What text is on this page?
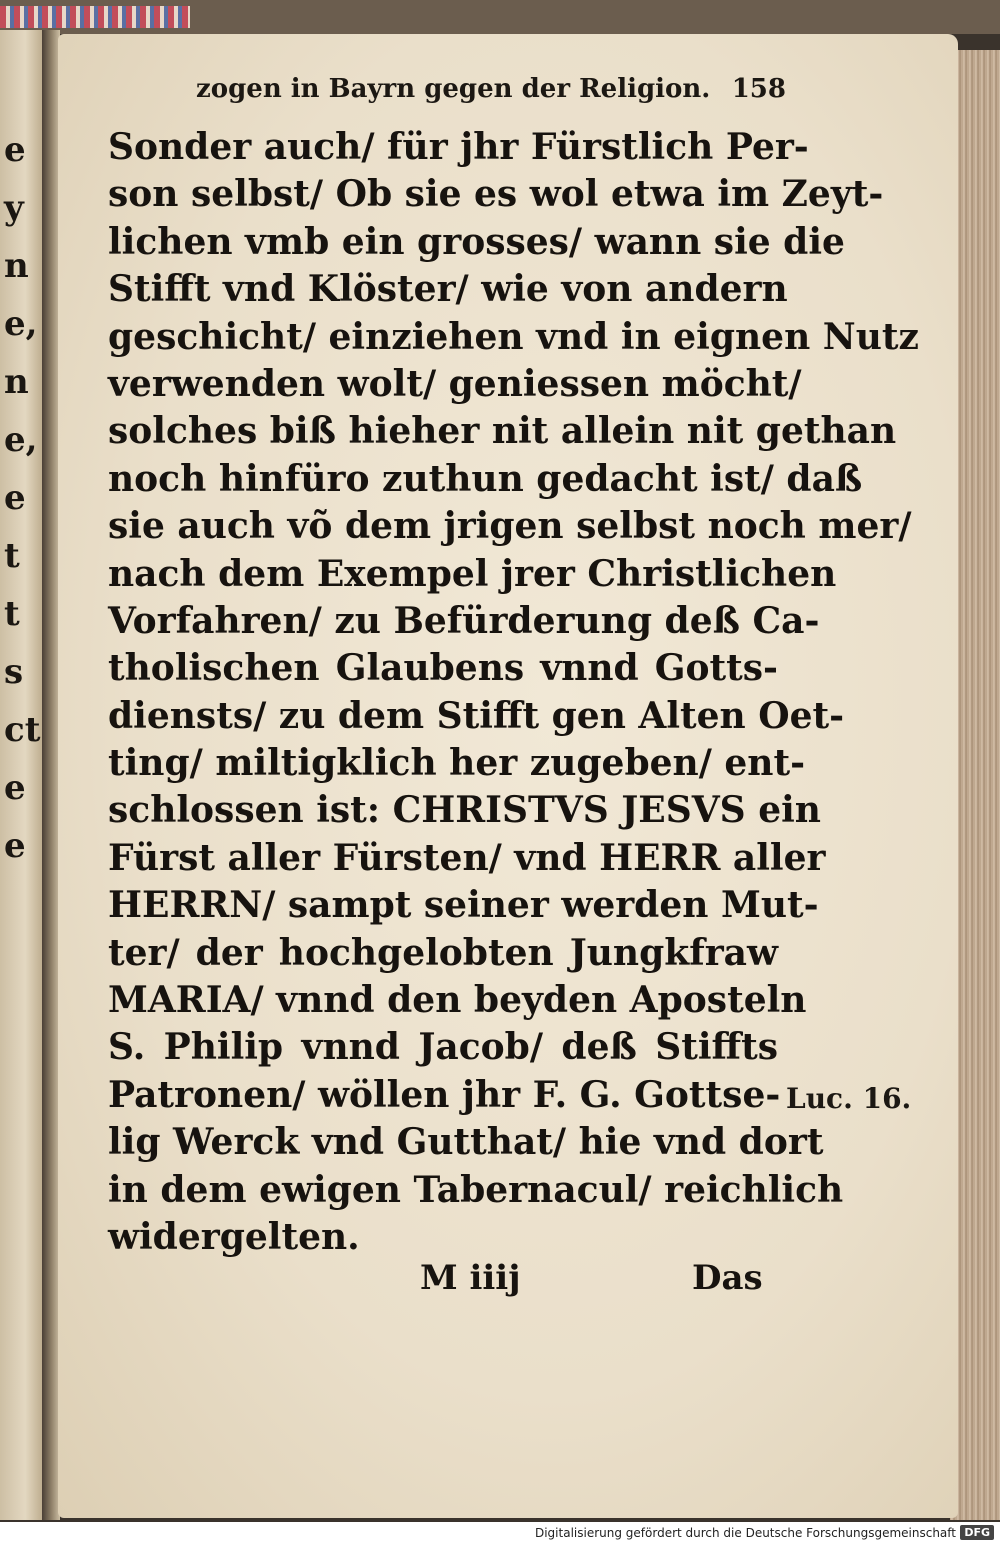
e
y
n
e,
n
e,
e
t
t
s
ct
e
e
zogen in Bayrn gegen der Religion. 158
Sonder auch/ für jhr Fürstlich Per-
son selbst/ Ob sie es wol etwa im Zeyt-
lichen vmb ein grosses/ wann sie die
Stifft vnd Klöster/ wie von andern
geschicht/ einziehen vnd in eignen Nutz
verwenden wolt/ geniessen möcht/
solches biß hieher nit allein nit gethan
noch hinfüro zuthun gedacht ist/ daß
sie auch võ dem jrigen selbst noch mer/
nach dem Exempel jrer Christlichen
Vorfahren/ zu Befürderung deß Ca-
tholischen Glaubens vnnd Gotts-
diensts/ zu dem Stifft gen Alten Oet-
ting/ miltigklich her zugeben/ ent-
schlossen ist: CHRISTVS JESVS ein
Fürst aller Fürsten/ vnd HERR aller
HERRN/ sampt seiner werden Mut-
ter/ der hochgelobten Jungkfraw
MARIA/ vnnd den beyden Aposteln
S. Philip vnnd Jacob/ deß Stiffts
Patronen/ wöllen jhr F. G. Gottse-
lig Werck vnd Gutthat/ hie vnd dort
in dem ewigen Tabernacul/ reichlich
widergelten.
Luc. 16.
M iiij	Das
Digitalisierung gefördert durch die Deutsche Forschungsgemeinschaft DFG
